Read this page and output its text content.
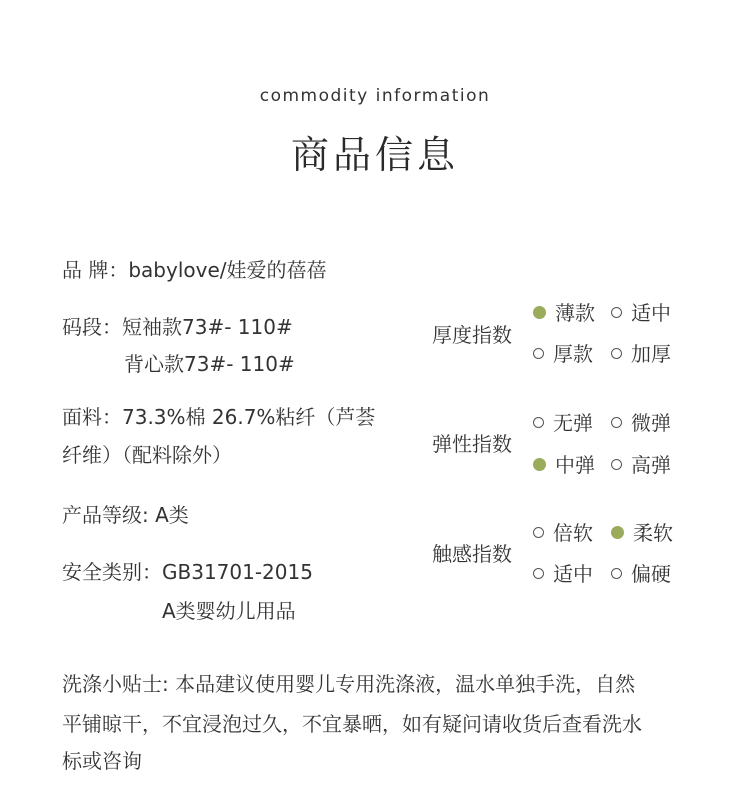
commodity information
商品信息
品 牌：babylove/娃爱的蓓蓓
码段：短袖款73#- 110#
背心款73#- 110#
面料：73.3%棉 26.7%粘纤（芦荟
纤维）（配料除外）
产品等级: A类
安全类别：GB31701-2015
A类婴幼儿用品
厚度指数
薄款 适中
厚款 加厚
弹性指数
无弹 微弹
中弹 高弹
触感指数
倍软 柔软
适中 偏硬
洗涤小贴士: 本品建议使用婴儿专用洗涤液，温水单独手洗，自然
平铺晾干，不宜浸泡过久，不宜暴晒，如有疑问请收货后查看洗水
标或咨询
